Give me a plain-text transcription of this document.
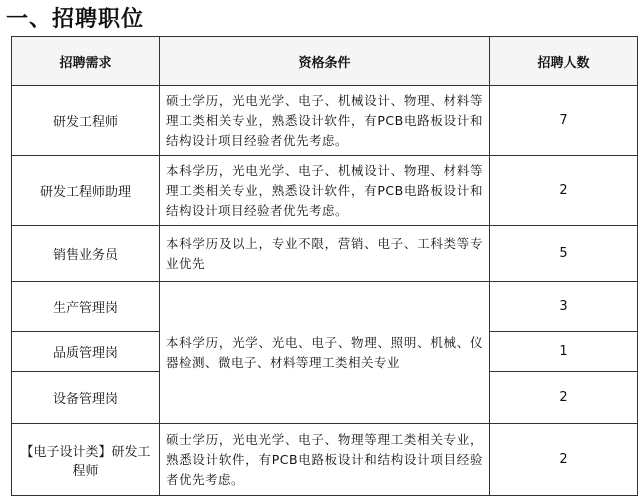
一、招聘职位
招聘需求	资格条件	招聘人数
研发工程师	硕士学历，光电光学、电子、机械设计、物理、材料等理工类相关专业，熟悉设计软件，有PCB电路板设计和结构设计项目经验者优先考虑。	7
研发工程师助理	本科学历，光电光学、电子、机械设计、物理、材料等理工类相关专业，熟悉设计软件，有PCB电路板设计和结构设计项目经验者优先考虑。	2
销售业务员	本科学历及以上，专业不限，营销、电子、工科类等专业优先	5
生产管理岗	本科学历，光学、光电、电子、物理、照明、机械、仪器检测、微电子、材料等理工类相关专业	3
品质管理岗		1
设备管理岗		2
【电子设计类】研发工程师	硕士学历，光电光学、电子、物理等理工类相关专业，熟悉设计软件，有PCB电路板设计和结构设计项目经验者优先考虑。	2
